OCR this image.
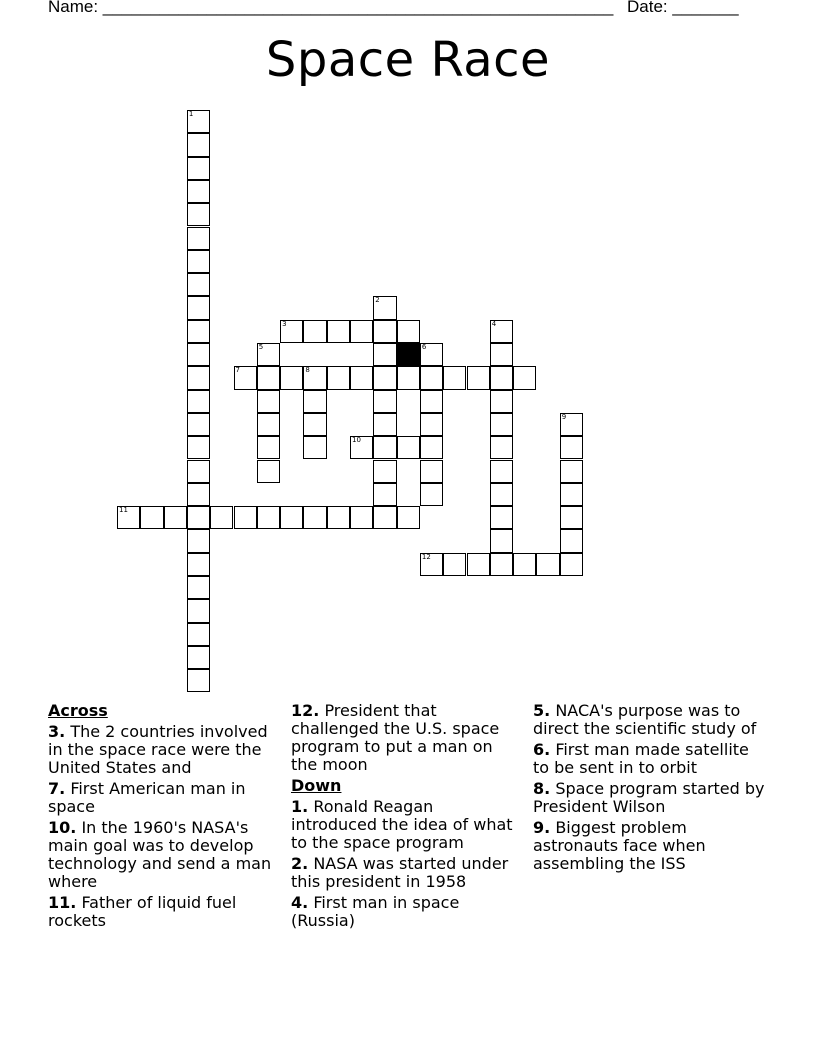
Name: ______________________________________________________ Date: _______
Space Race
1
2
3	4
5	6
7	8
9
10
11
12
Across
3. The 2 countries involved in the space race were the United States and
7. First American man in space
10. In the 1960's NASA's main goal was to develop technology and send a man where
11. Father of liquid fuel rockets
12. President that challenged the U.S. space program to put a man on the moon
Down
1. Ronald Reagan introduced the idea of what to the space program
2. NASA was started under this president in 1958
4. First man in space (Russia)
5. NACA's purpose was to direct the scientific study of
6. First man made satellite to be sent in to orbit
8. Space program started by President Wilson
9. Biggest problem astronauts face when assembling the ISS
